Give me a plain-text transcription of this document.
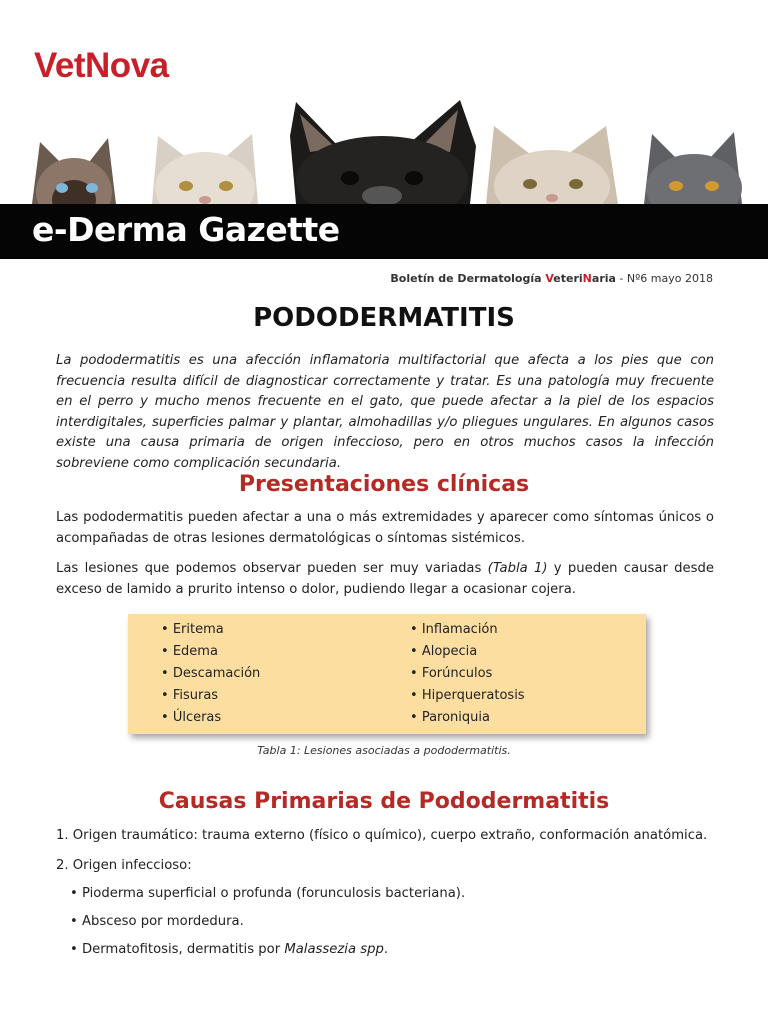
VetNova
e-Derma Gazette
Boletín de Dermatología VeteriNaria - Nº6 mayo 2018
PODODERMATITIS

La pododermatitis es una afección inflamatoria multifactorial que afecta a los pies que con frecuencia resulta difícil de diagnosticar correctamente y tratar. Es una patología muy frecuente en el perro y mucho menos frecuente en el gato, que puede afectar a la piel de los espacios interdigitales, superficies palmar y plantar, almohadillas y/o pliegues ungulares. En algunos casos existe una causa primaria de origen infeccioso, pero en otros muchos casos la infección sobreviene como complicación secundaria.

Presentaciones clínicas

Las pododermatitis pueden afectar a una o más extremidades y aparecer como síntomas únicos o acompañadas de otras lesiones dermatológicas o síntomas sistémicos.

Las lesiones que podemos observar pueden ser muy variadas (Tabla 1) y pueden causar desde exceso de lamido a prurito intenso o dolor, pudiendo llegar a ocasionar cojera.

• Eritema
• Edema
• Descamación
• Fisuras
• Úlceras
• Inflamación
• Alopecia
• Forúnculos
• Hiperqueratosis
• Paroniquia
Tabla 1: Lesiones asociadas a pododermatitis.
Causas Primarias de Pododermatitis

1. Origen traumático: trauma externo (físico o químico), cuerpo extraño, conformación anatómica.

2. Origen infeccioso:

• Pioderma superficial o profunda (forunculosis bacteriana).

• Absceso por mordedura.

• Dermatofitosis, dermatitis por Malassezia spp.
